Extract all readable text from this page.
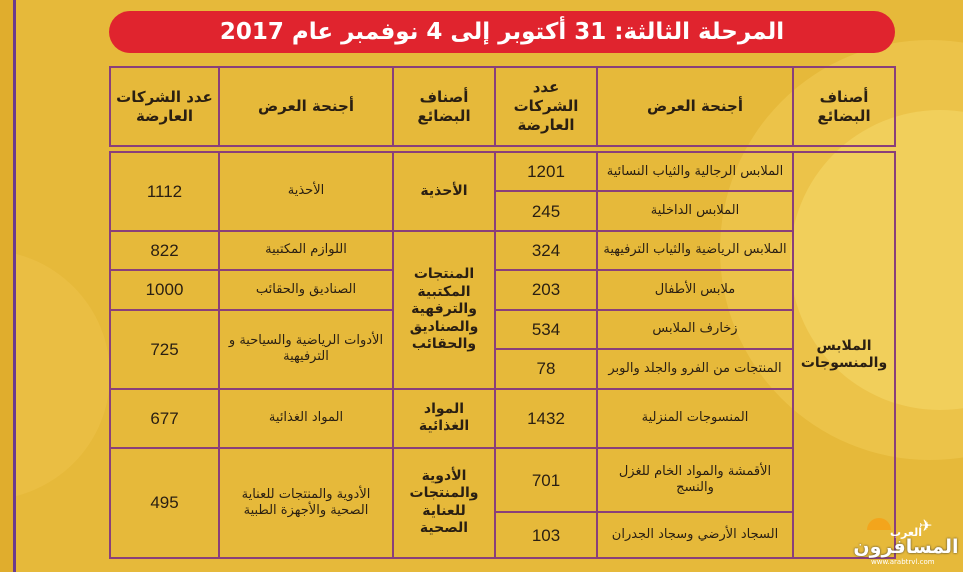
المرحلة الثالثة: 31 أكتوبر إلى 4 نوفمبر عام 2017
أصناف البضائع	أجنحة العرض	عدد الشركات العارضة	أصناف البضائع	أجنحة العرض	عدد الشركات العارضة

الملابس والمنسوجات	الملابس الرجالية والثياب النسائية	1201	الأحذية	الأحذية	1112
	الملابس الداخلية	245			
	الملابس الرياضية والثياب الترفيهية	324	المنتجات المكتبية والترفهية والصناديق والحقائب	اللوازم المكتبية	822
	ملابس الأطفال	203		الصناديق والحقائب	1000
	زخارف الملابس	534		الأدوات الرياضية والسياحية و الترفيهية	725
	المنتجات من الفرو والجلد والوبر	78			
	المنسوجات المنزلية	1432	المواد الغذائية	المواد الغذائية	677
	الأقمشة والمواد الخام للغزل والنسج	701	الأدوية والمنتجات للعناية الصحية	الأدوية والمنتجات للعناية الصحية والأجهزة الطبية	495
	السجاد الأرضي وسجاد الجدران	103			
✈
العرب
المسافرون
www.arabtrvl.com
